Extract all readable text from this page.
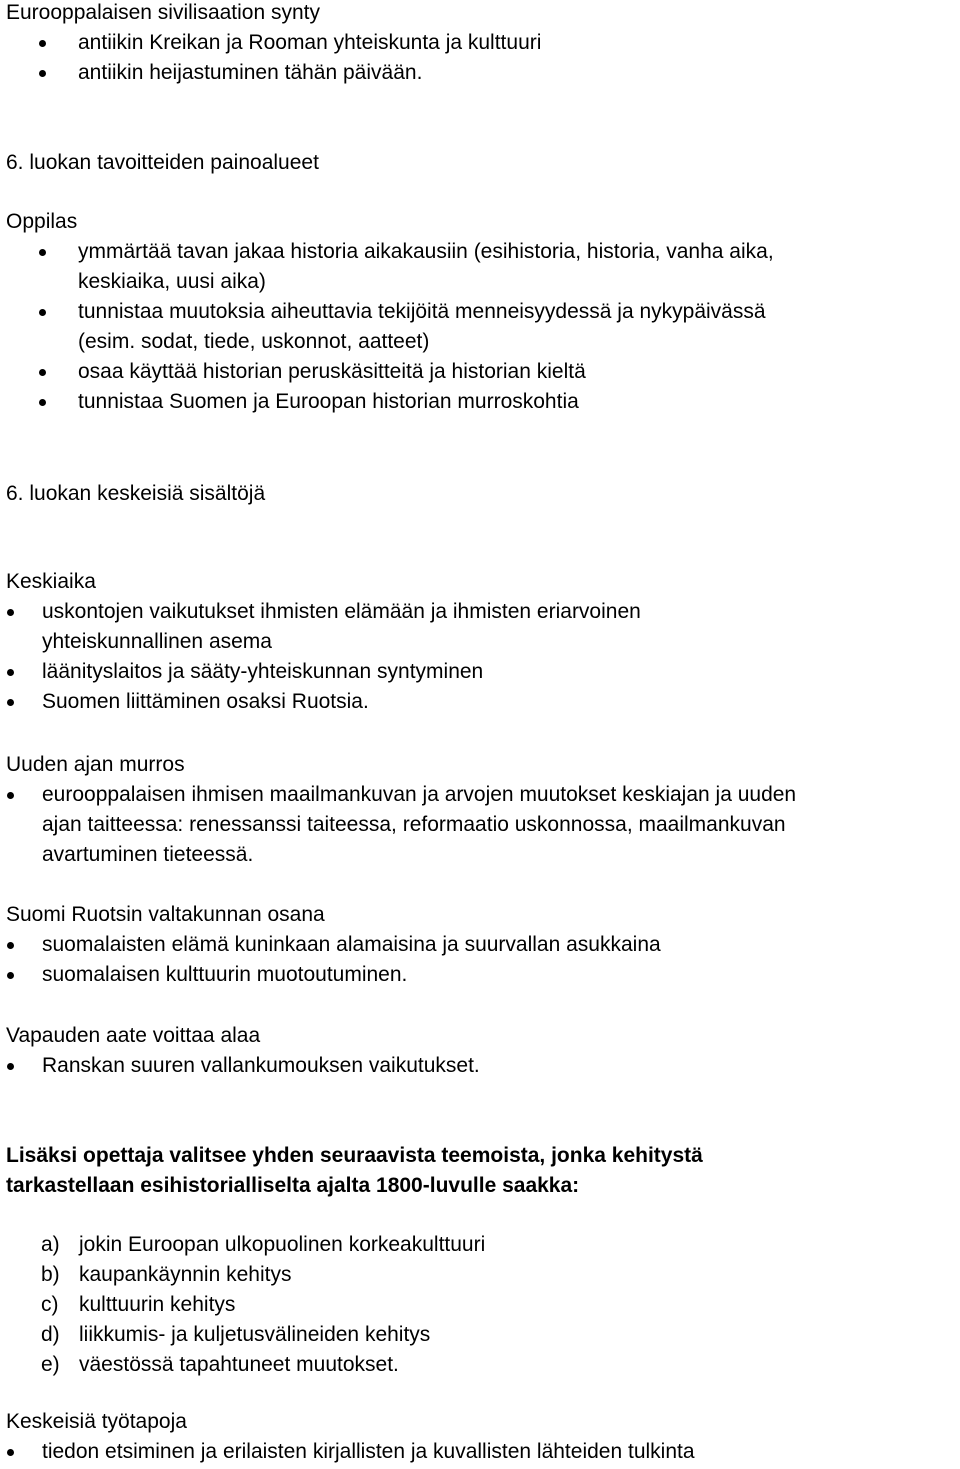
Eurooppalaisen sivilisaation synty
antiikin Kreikan ja Rooman yhteiskunta ja kulttuuri
antiikin heijastuminen tähän päivään.
6. luokan tavoitteiden painoalueet
Oppilas
ymmärtää tavan jakaa historia aikakausiin (esihistoria, historia, vanha aika,
keskiaika, uusi aika)
tunnistaa muutoksia aiheuttavia tekijöitä menneisyydessä ja nykypäivässä
(esim. sodat, tiede, uskonnot, aatteet)
osaa käyttää historian peruskäsitteitä ja historian kieltä
tunnistaa Suomen ja Euroopan historian murroskohtia
6. luokan keskeisiä sisältöjä
Keskiaika
uskontojen vaikutukset ihmisten elämään ja ihmisten eriarvoinen
yhteiskunnallinen asema
läänityslaitos ja sääty-yhteiskunnan syntyminen
Suomen liittäminen osaksi Ruotsia.
Uuden ajan murros
eurooppalaisen ihmisen maailmankuvan ja arvojen muutokset keskiajan ja uuden
ajan taitteessa: renessanssi taiteessa, reformaatio uskonnossa, maailmankuvan
avartuminen tieteessä.
Suomi Ruotsin valtakunnan osana
suomalaisten elämä kuninkaan alamaisina ja suurvallan asukkaina
suomalaisen kulttuurin muotoutuminen.
Vapauden aate voittaa alaa
Ranskan suuren vallankumouksen vaikutukset.
Lisäksi opettaja valitsee yhden seuraavista teemoista, jonka kehitystä
tarkastellaan esihistorialliselta ajalta 1800-luvulle saakka:
a) jokin Euroopan ulkopuolinen korkeakulttuuri
b) kaupankäynnin kehitys
c) kulttuurin kehitys
d) liikkumis- ja kuljetusvälineiden kehitys
e) väestössä tapahtuneet muutokset.
Keskeisiä työtapoja
tiedon etsiminen ja erilaisten kirjallisten ja kuvallisten lähteiden tulkinta
